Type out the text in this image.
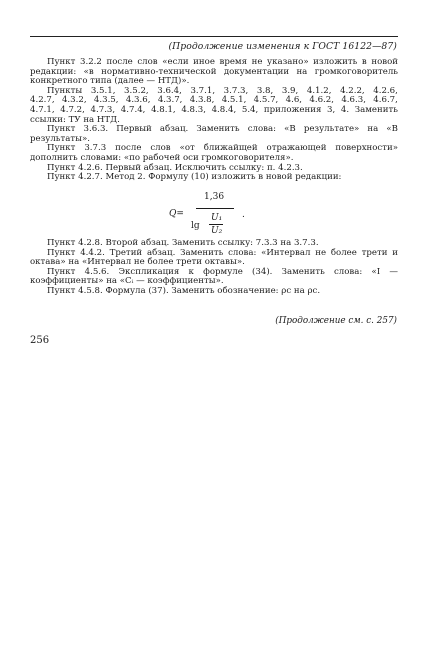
(Продолжение изменения к ГОСТ 16122—87)

Пункт 3.2.2 после слов «если иное время не указано» изложить в новой редакции: «в нормативно-технической документации на громкоговоритель конкретного типа (далее — НТД)».

Пункты 3.5.1, 3.5.2, 3.6.4, 3.7.1, 3.7.3, 3.8, 3.9, 4.1.2, 4.2.2, 4.2.6,
4.2.7, 4.3.2, 4.3.5, 4.3.6, 4.3.7, 4.3.8, 4.5.1, 4.5.7, 4.6, 4.6.2, 4.6.3, 4.6.7,
4.7.1, 4.7.2, 4.7.3, 4.7.4, 4.8.1, 4.8.3, 4.8.4, 5.4, приложения 3, 4. Заменить

ссылки: ТУ на НТД.

Пункт 3.6.3. Первый абзац. Заменить слова: «В результате» на «В результаты».

Пункт 3.7.3 после слов «от ближайщей отражающей поверхности» дополнить словами: «по рабочей оси громкоговорителя».

Пункт 4.2.6. Первый абзац. Исключить ссылку: п. 4.2.3.

Пункт 4.2.7. Метод 2. Формулу (10) изложить в новой редакции:

Q=
1,36
lg
U₁
U₂
.

Пункт 4.2.8. Второй абзац. Заменить ссылку: 7.3.3 на 3.7.3.

Пункт 4.4.2. Третий абзац. Заменить слова: «Интервал не более трети и октава» на «Интервал не более трети октавы».

Пункт 4.5.6. Экспликация к формуле (34). Заменить слова: «I — коэффициенты» на «Cᵢ — коэффициенты».

Пункт 4.5.8. Формула (37). Заменить обозначение: ρc на ρc.

(Продолжение см. с. 257)
256
